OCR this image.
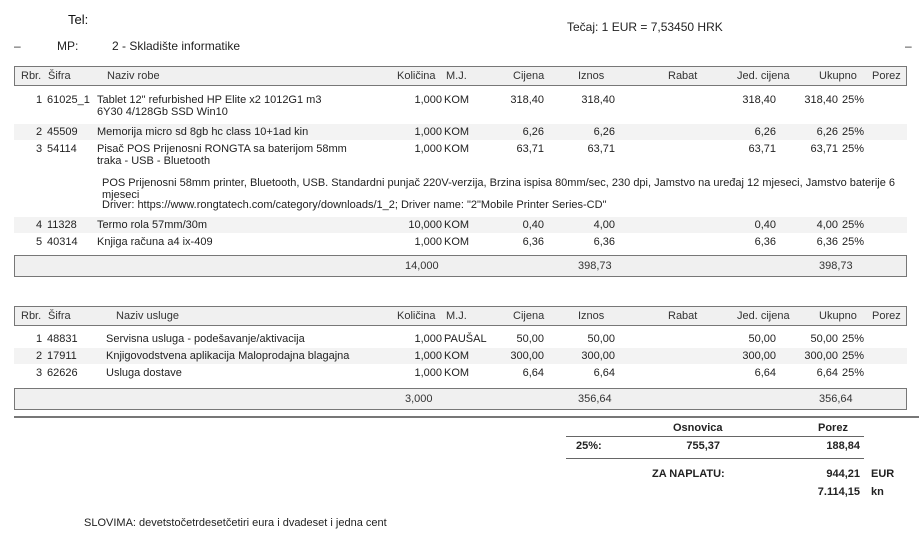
Tel:
–	MP:	2 - Skladište informatike
Tečaj: 1 EUR = 7,53450 HRK
–
Rbr. Šifra	Naziv robe	Količina M.J.	Cijena	Iznos	Rabat	Jed. cijena	Ukupno Porez
1 61025_1 Tablet 12" refurbished HP Elite x2 1012G1 m3
6Y30 4/128Gb SSD Win10
1,000 KOM	318,40	318,40	318,40	318,40 25%
2 45509 Memorija micro sd 8gb hc class 10+1ad kin	1,000 KOM	6,26	6,26	6,26	6,26 25%
3 54114 Pisač POS Prijenosni RONGTA sa baterijom 58mm
traka - USB - Bluetooth
1,000 KOM	63,71	63,71	63,71	63,71 25%
POS Prijenosni 58mm printer, Bluetooth, USB. Standardni punjač 220V-verzija, Brzina ispisa 80mm/sec, 230 dpi, Jamstvo na uređaj 12 mjeseci, Jamstvo baterije 6 mjeseci
Driver: https://www.rongtatech.com/category/downloads/1_2; Driver name: "2"Mobile Printer Series-CD"
4 11328 Termo rola 57mm/30m	10,000 KOM	0,40	4,00	0,40	4,00 25%
5 40314 Knjiga računa a4 ix-409	1,000 KOM	6,36	6,36	6,36	6,36 25%
14,000	398,73	398,73
Rbr. Šifra	Naziv usluge	Količina M.J.	Cijena	Iznos	Rabat	Jed. cijena	Ukupno Porez
1 48831	Servisna usluga - podešavanje/aktivacija	1,000 PAUŠAL	50,00	50,00	50,00	50,00 25%
2 17911	Knjigovodstvena aplikacija Maloprodajna blagajna	1,000 KOM	300,00	300,00	300,00	300,00 25%
3 62626	Usluga dostave	1,000 KOM	6,64	6,64	6,64	6,64 25%
3,000	356,64	356,64
Osnovica	Porez
25%:	755,37	188,84
ZA NAPLATU:	944,21 EUR
7.114,15 kn
SLOVIMA: devetstočetrdesetčetiri eura i dvadeset i jedna cent
